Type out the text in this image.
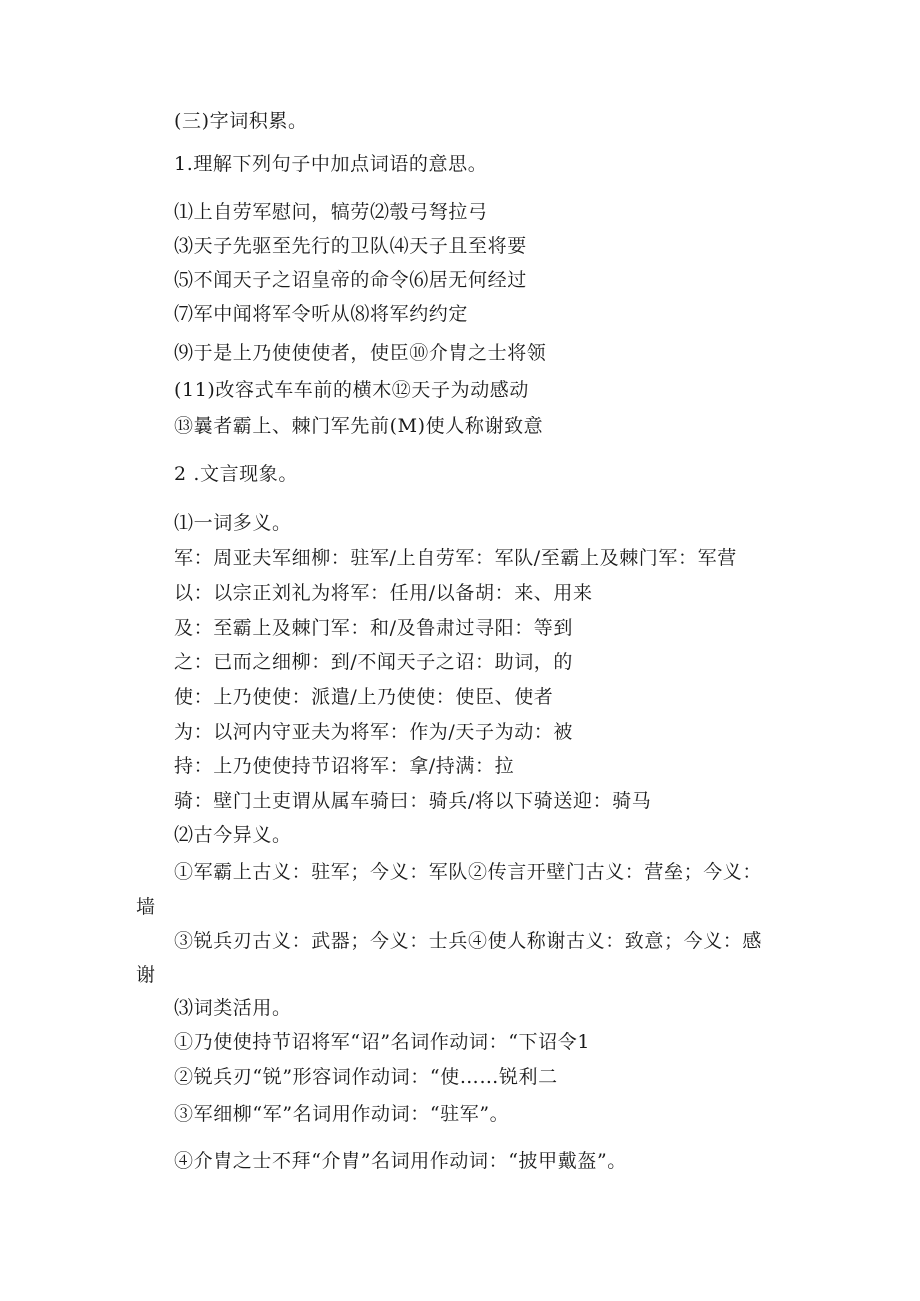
(三)字词积累。
1.理解下列句子中加点词语的意思。
⑴上自劳军慰问，犒劳⑵彀弓弩拉弓
⑶天子先驱至先行的卫队⑷天子且至将要
⑸不闻天子之诏皇帝的命令⑹居无何经过
⑺军中闻将军令听从⑻将军约约定
⑼于是上乃使使使者，使臣⑩介胄之士将领
(11)改容式车车前的横木⑫天子为动感动
⑬曩者霸上、棘门军先前(M)使人称谢致意
2 .文言现象。
⑴一词多义。
军：周亚夫军细柳：驻军/上自劳军：军队/至霸上及棘门军：军营
以：以宗正刘礼为将军：任用/以备胡：来、用来
及：至霸上及棘门军：和/及鲁肃过寻阳：等到
之：已而之细柳：到/不闻天子之诏：助词，的
使：上乃使使：派遣/上乃使使：使臣、使者
为：以河内守亚夫为将军：作为/天子为动：被
持：上乃使使持节诏将军：拿/持满：拉
骑：壁门土吏谓从属车骑曰：骑兵/将以下骑送迎：骑马
⑵古今异义。
①军霸上古义：驻军；今义：军队②传言开壁门古义：营垒；今义：
墙
③锐兵刃古义：武器；今义：士兵④使人称谢古义：致意；今义：感
谢
⑶词类活用。
①乃使使持节诏将军“诏”名词作动词：“下诏令1
②锐兵刃“锐”形容词作动词：“使……锐利二
③军细柳“军”名词用作动词：“驻军”。
④介胄之士不拜“介胄”名词用作动词：“披甲戴盔”。
